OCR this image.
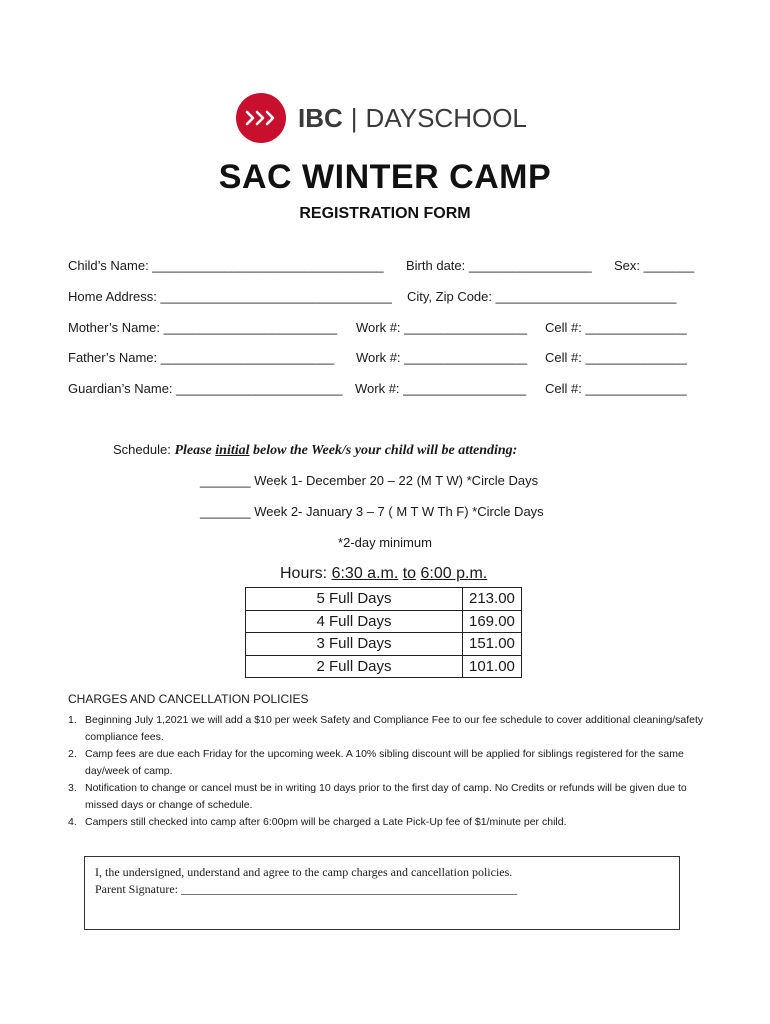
IBC | DAYSCHOOL
SAC WINTER CAMP
REGISTRATION FORM
Child’s Name: ________________________________ Birth date: _________________ Sex: _______
Home Address: ________________________________ City, Zip Code: _________________________
Mother’s Name: ________________________ Work #: _________________ Cell #: ______________
Father’s Name: ________________________ Work #: _________________ Cell #: ______________
Guardian’s Name: _______________________ Work #: _________________ Cell #: ______________
Schedule: Please initial below the Week/s your child will be attending:
_______ Week 1- December 20 – 22 (M T W) *Circle Days
_______ Week 2- January 3 – 7 ( M T W Th F) *Circle Days
*2-day minimum
Hours: 6:30 a.m. to 6:00 p.m.
5 Full Days	213.00
4 Full Days	169.00
3 Full Days	151.00
2 Full Days	101.00
CHARGES AND CANCELLATION POLICIES
1. Beginning July 1,2021 we will add a $10 per week Safety and Compliance Fee to our fee schedule to cover additional cleaning/safety compliance fees.
2. Camp fees are due each Friday for the upcoming week. A 10% sibling discount will be applied for siblings registered for the same day/week of camp.
3. Notification to change or cancel must be in writing 10 days prior to the first day of camp. No Credits or refunds will be given due to missed days or change of schedule.
4. Campers still checked into camp after 6:00pm will be charged a Late Pick-Up fee of $1/minute per child.
I, the undersigned, understand and agree to the camp charges and cancellation policies.
Parent Signature: ________________________________________________________
